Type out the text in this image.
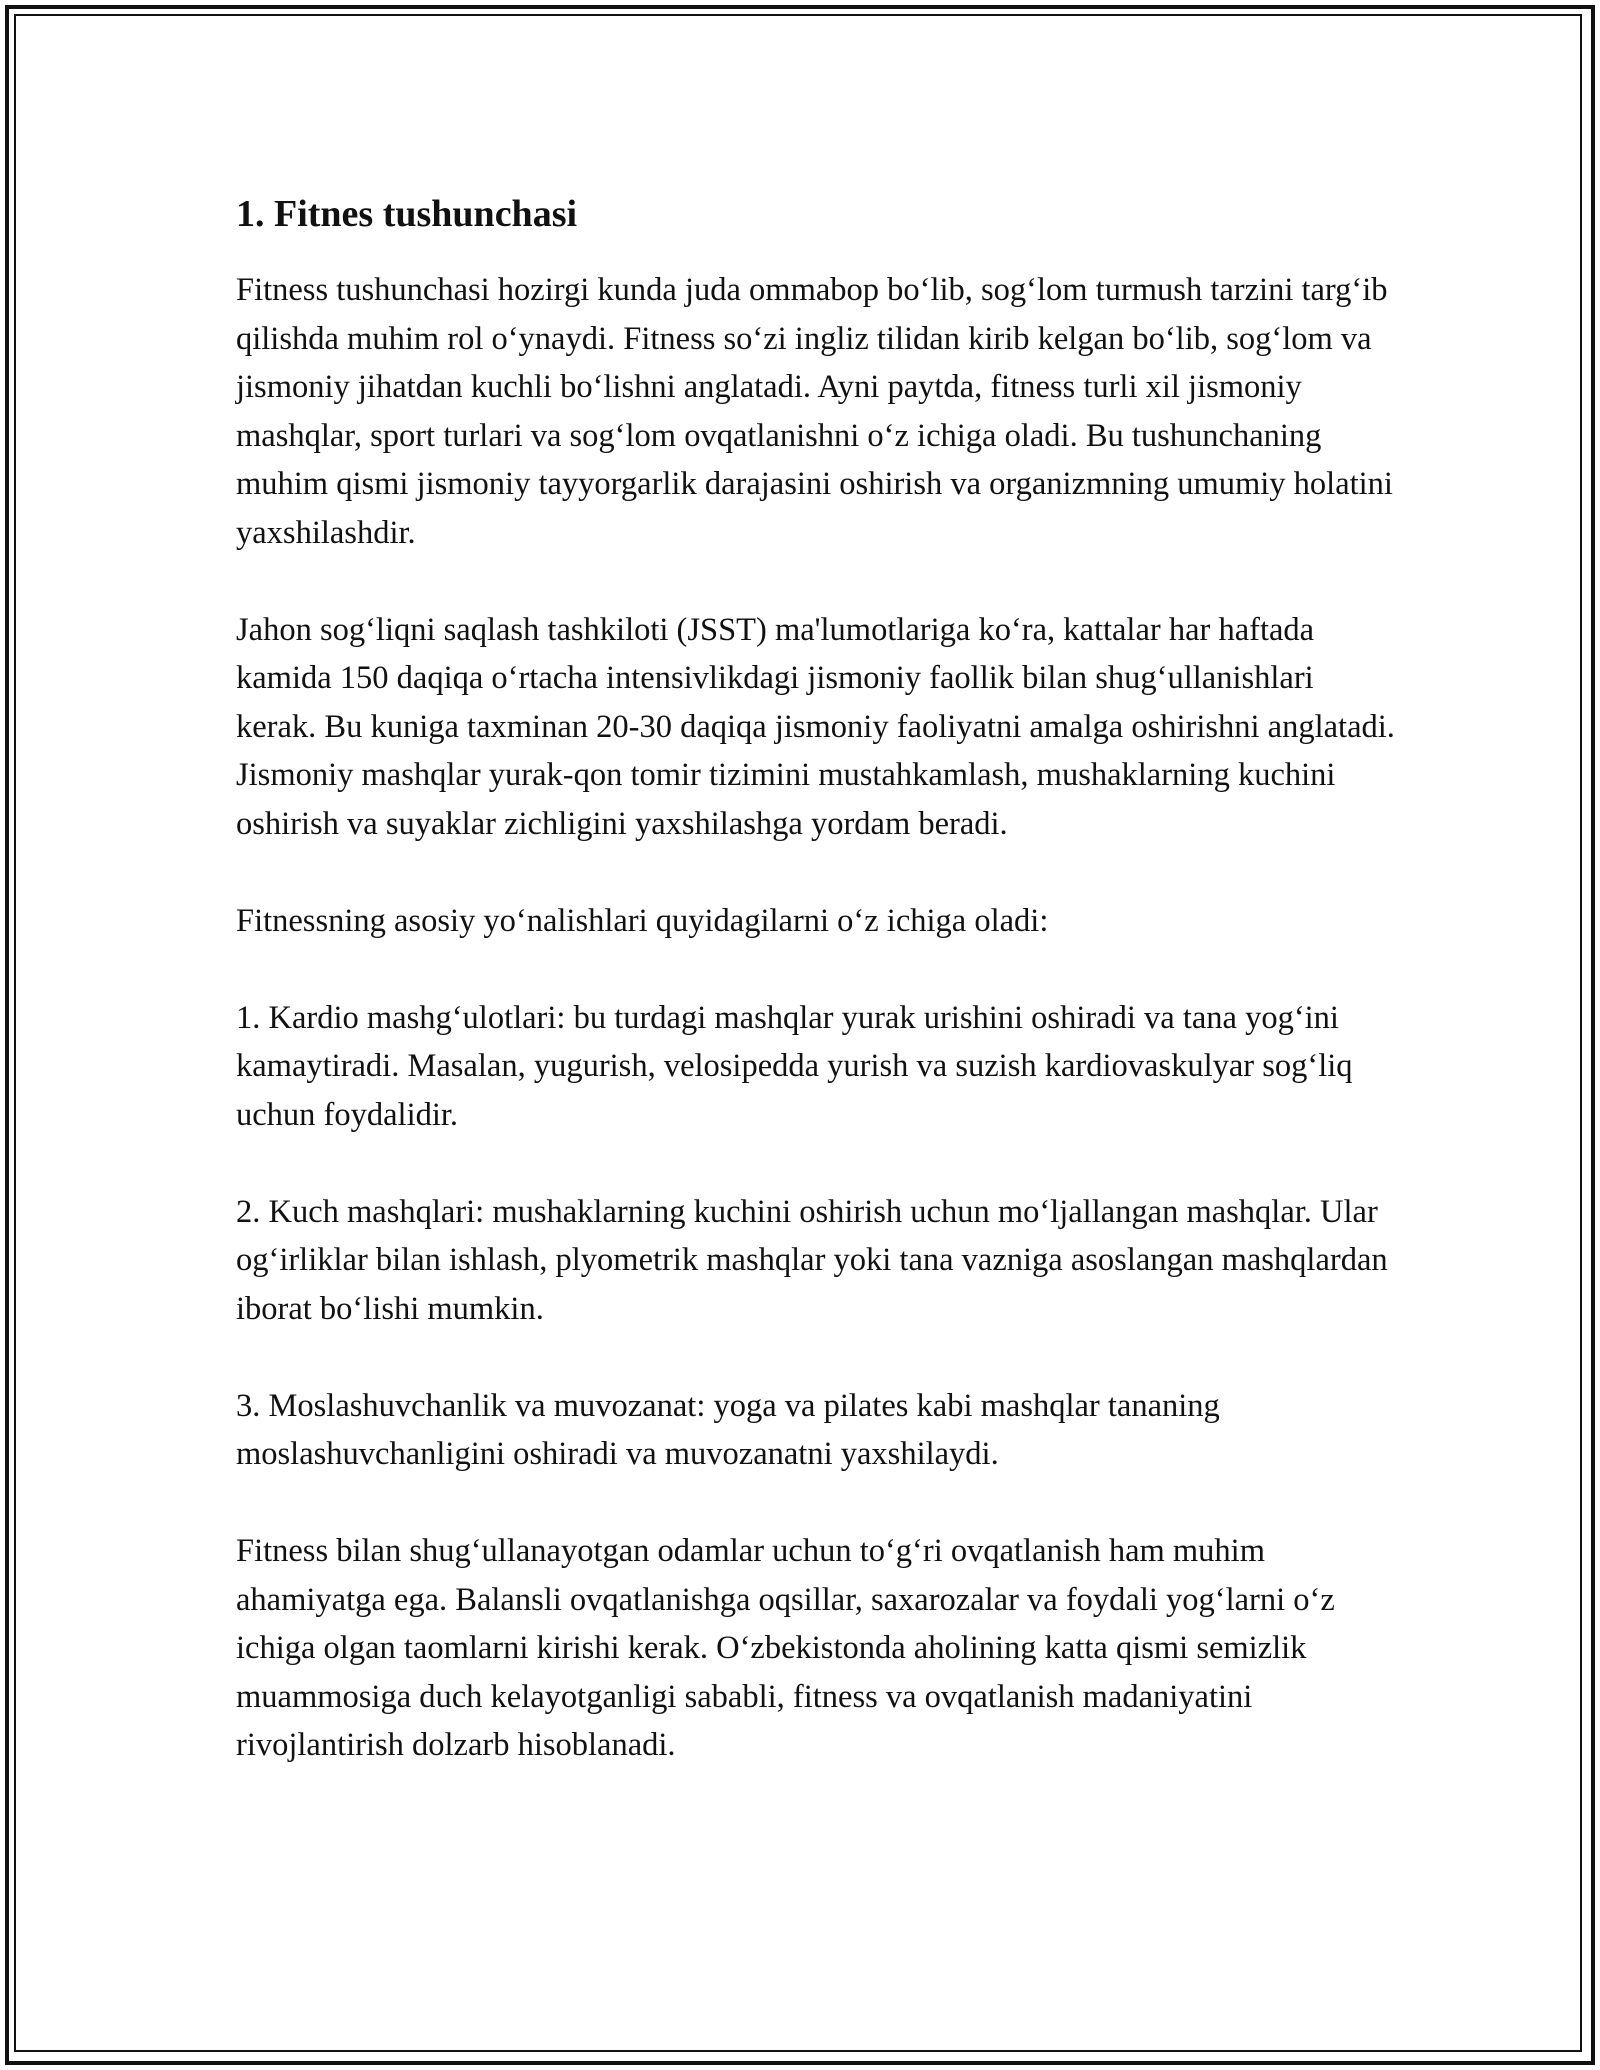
1. Fitnes tushunchasi

Fitness tushunchasi hozirgi kunda juda ommabop bo‘lib, sog‘lom turmush tarzini targ‘ib qilishda muhim rol o‘ynaydi. Fitness so‘zi ingliz tilidan kirib kelgan bo‘lib, sog‘lom va jismoniy jihatdan kuchli bo‘lishni anglatadi. Ayni paytda, fitness turli xil jismoniy mashqlar, sport turlari va sog‘lom ovqatlanishni o‘z ichiga oladi. Bu tushunchaning muhim qismi jismoniy tayyorgarlik darajasini oshirish va organizmning umumiy holatini yaxshilashdir.

Jahon sog‘liqni saqlash tashkiloti (JSST) ma'lumotlariga ko‘ra, kattalar har haftada kamida 150 daqiqa o‘rtacha intensivlikdagi jismoniy faollik bilan shug‘ullanishlari kerak. Bu kuniga taxminan 20-30 daqiqa jismoniy faoliyatni amalga oshirishni anglatadi. Jismoniy mashqlar yurak-qon tomir tizimini mustahkamlash, mushaklarning kuchini oshirish va suyaklar zichligini yaxshilashga yordam beradi.

Fitnessning asosiy yo‘nalishlari quyidagilarni o‘z ichiga oladi:

1. Kardio mashg‘ulotlari: bu turdagi mashqlar yurak urishini oshiradi va tana yog‘ini kamaytiradi. Masalan, yugurish, velosipedda yurish va suzish kardiovaskulyar sog‘liq uchun foydalidir.

2. Kuch mashqlari: mushaklarning kuchini oshirish uchun mo‘ljallangan mashqlar. Ular og‘irliklar bilan ishlash, plyometrik mashqlar yoki tana vazniga asoslangan mashqlardan iborat bo‘lishi mumkin.

3. Moslashuvchanlik va muvozanat: yoga va pilates kabi mashqlar tananing moslashuvchanligini oshiradi va muvozanatni yaxshilaydi.

Fitness bilan shug‘ullanayotgan odamlar uchun to‘g‘ri ovqatlanish ham muhim ahamiyatga ega. Balansli ovqatlanishga oqsillar, saxarozalar va foydali yog‘larni o‘z ichiga olgan taomlarni kirishi kerak. O‘zbekistonda aholining katta qismi semizlik muammosiga duch kelayotganligi sababli, fitness va ovqatlanish madaniyatini rivojlantirish dolzarb hisoblanadi.
